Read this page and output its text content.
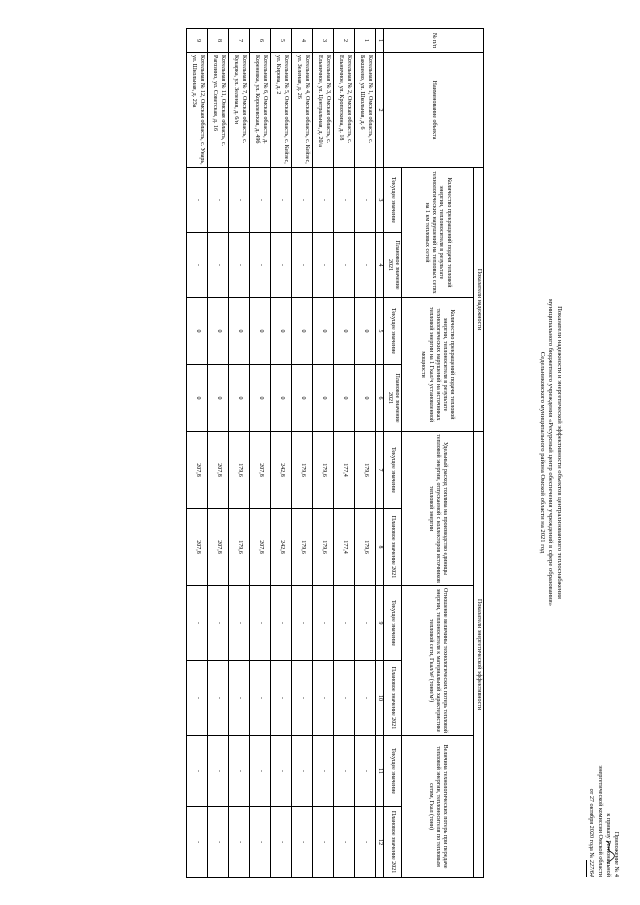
Приложение № 4
к приказу Региональной
энергетической комиссии Омской области
от 27 октября 2020 года № 227/64
Показатели надежности и энергетической эффективности объектов централизованного теплоснабжения
муниципального бюджетного учреждения «Ресурсный центр обеспечения учреждений в сфере образования»
Седельниковского муниципального района Омской области на 2021 год
№ п/п	Наименование объекта	Показатели надежности				Показатели энергетической эффективности					
		Количество прекращений подачи тепловой энергии, теплоносителя в результате технологических нарушений на тепловых сетях на 1 км тепловых сетей		Количество прекращений подачи тепловой энергии, теплоносителя в результате технологических нарушений на источниках тепловой энергии на 1 Гкал/ч установленной мощности		Удельный расход топлива на производство единицы тепловой энергии, отпускаемой с коллекторов источников тепловой энергии		Отношение величины технологических потерь тепловой энергии, теплоносителя к материальной характеристике тепловой сети, Гкал/м² (тонн/м²)		Величина технологических потерь при передаче тепловой энергии, теплоносителя по тепловым сетям, Гкал (тонн)	
		Текущее значение	Плановое значение 2021	Текущее значение	Плановое значение 2021	Текущее значение	Плановое значение 2021	Текущее значение	Плановое значение 2021	Текущее значение	Плановое значение 2021
1	2	3	4	5	6	7	8	9	10	11	12
1	Котельная № 1, Омская область, с. Бакшеево, ул. Школьная, д. 6	-	-	0	0	179,6	179,6	-	-	-	-
2	Котельная № 2, Омская область, с. Ельничное, ул. Кропоткина, д. 18	-	-	0	0	177,4	177,4	-	-	-	-
3	Котельная № 3, Омская область, с. Ельничное, ул. Центральная, д. 20/а	-	-	0	0	179,6	179,6	-	-	-	-
4	Котельная № 4, Омская область, с. Кейзес, ул. Зеленая, д. 26	-	-	0	0	179,6	179,6	-	-	-	-
5	Котельная № 5, Омская область, с. Кейзес, ул. Кирова, д. 2	-	-	0	0	242,8	242,8	-	-	-	-
6	Котельная № 6, Омская область, д. Кореневка, ул. Королевская, д. 49б	-	-	0	0	207,8	207,8	-	-	-	-
7	Котельная № 7, Омская область, с. Кукарка, ул. Зеленая, д. 6/н	-	-	0	0	179,6	179,6	-	-	-	-
8	Котельная № 11, Омская область, с. Рагозино, ул. Советская, д. 16	-	-	0	0	207,8	207,8	-	-	-	-
9	Котельная № 12, Омская область, с. Унарь, ул. Школьная, д. 23а	-	-	0	0	207,8	207,8	-	-	-	-
